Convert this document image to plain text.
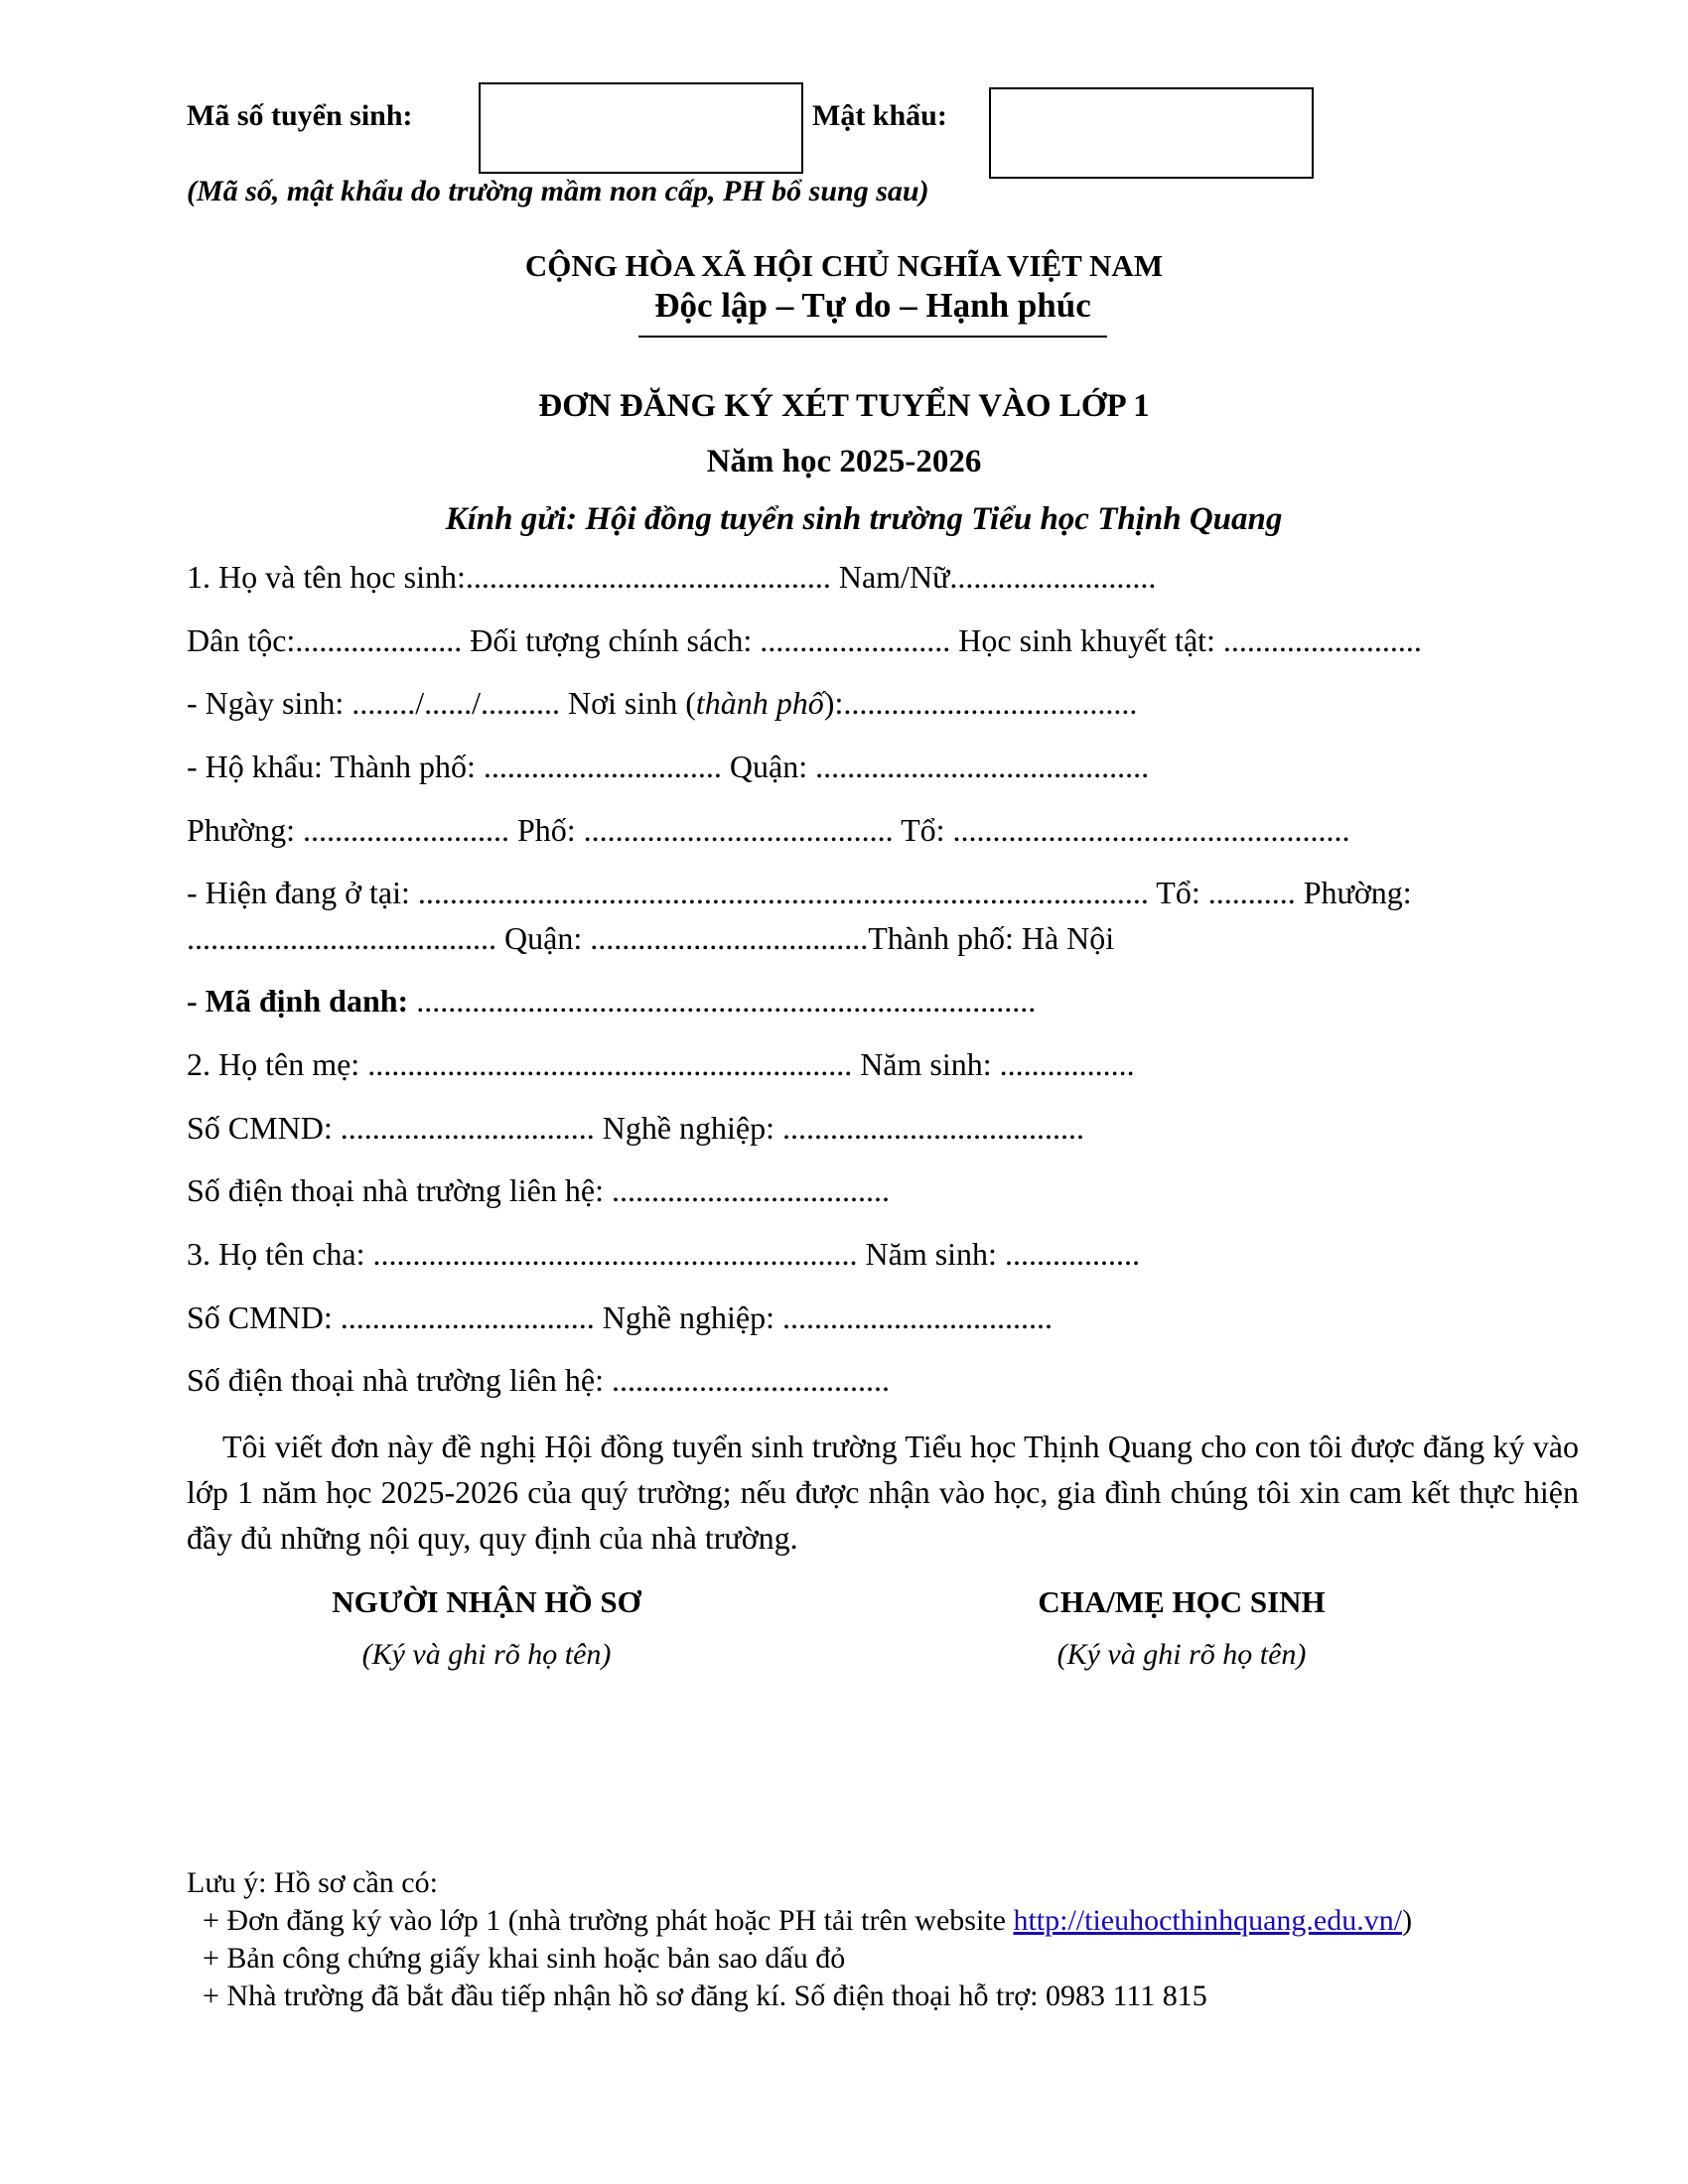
Mã số tuyển sinh:	Mật khẩu:
(Mã số, mật khẩu do trường mầm non cấp, PH bổ sung sau)
CỘNG HÒA XÃ HỘI CHỦ NGHĨA VIỆT NAM
Độc lập – Tự do – Hạnh phúc
ĐƠN ĐĂNG KÝ XÉT TUYỂN VÀO LỚP 1
Năm học 2025-2026
Kính gửi: Hội đồng tuyển sinh trường Tiểu học Thịnh Quang
1. Họ và tên học sinh:.............................................. Nam/Nữ..........................
Dân tộc:..................... Đối tượng chính sách: ........................ Học sinh khuyết tật: .........................
- Ngày sinh: ......../....../.......... Nơi sinh (thành phố):.....................................
- Hộ khẩu: Thành phố: .............................. Quận: ..........................................
Phường: .......................... Phố: ....................................... Tổ: ..................................................
- Hiện đang ở tại: ............................................................................................ Tổ: ........... Phường:
....................................... Quận: ...................................Thành phố: Hà Nội
- Mã định danh: ..............................................................................
2. Họ tên mẹ: ............................................................. Năm sinh: .................
Số CMND: ................................ Nghề nghiệp: ......................................
Số điện thoại nhà trường liên hệ: ...................................
3. Họ tên cha: ............................................................. Năm sinh: .................
Số CMND: ................................ Nghề nghiệp: ..................................
Số điện thoại nhà trường liên hệ: ...................................
Tôi viết đơn này đề nghị Hội đồng tuyển sinh trường Tiểu học Thịnh Quang cho con tôi được đăng ký vào lớp 1 năm học 2025-2026 của quý trường; nếu được nhận vào học, gia đình chúng tôi xin cam kết thực hiện đầy đủ những nội quy, quy định của nhà trường.
NGƯỜI NHẬN HỒ SƠ
(Ký và ghi rõ họ tên)
CHA/MẸ HỌC SINH
(Ký và ghi rõ họ tên)
Lưu ý: Hồ sơ cần có:
+ Đơn đăng ký vào lớp 1 (nhà trường phát hoặc PH tải trên website http://tieuhocthinhquang.edu.vn/)
+ Bản công chứng giấy khai sinh hoặc bản sao dấu đỏ
+ Nhà trường đã bắt đầu tiếp nhận hồ sơ đăng kí. Số điện thoại hỗ trợ: 0983 111 815
